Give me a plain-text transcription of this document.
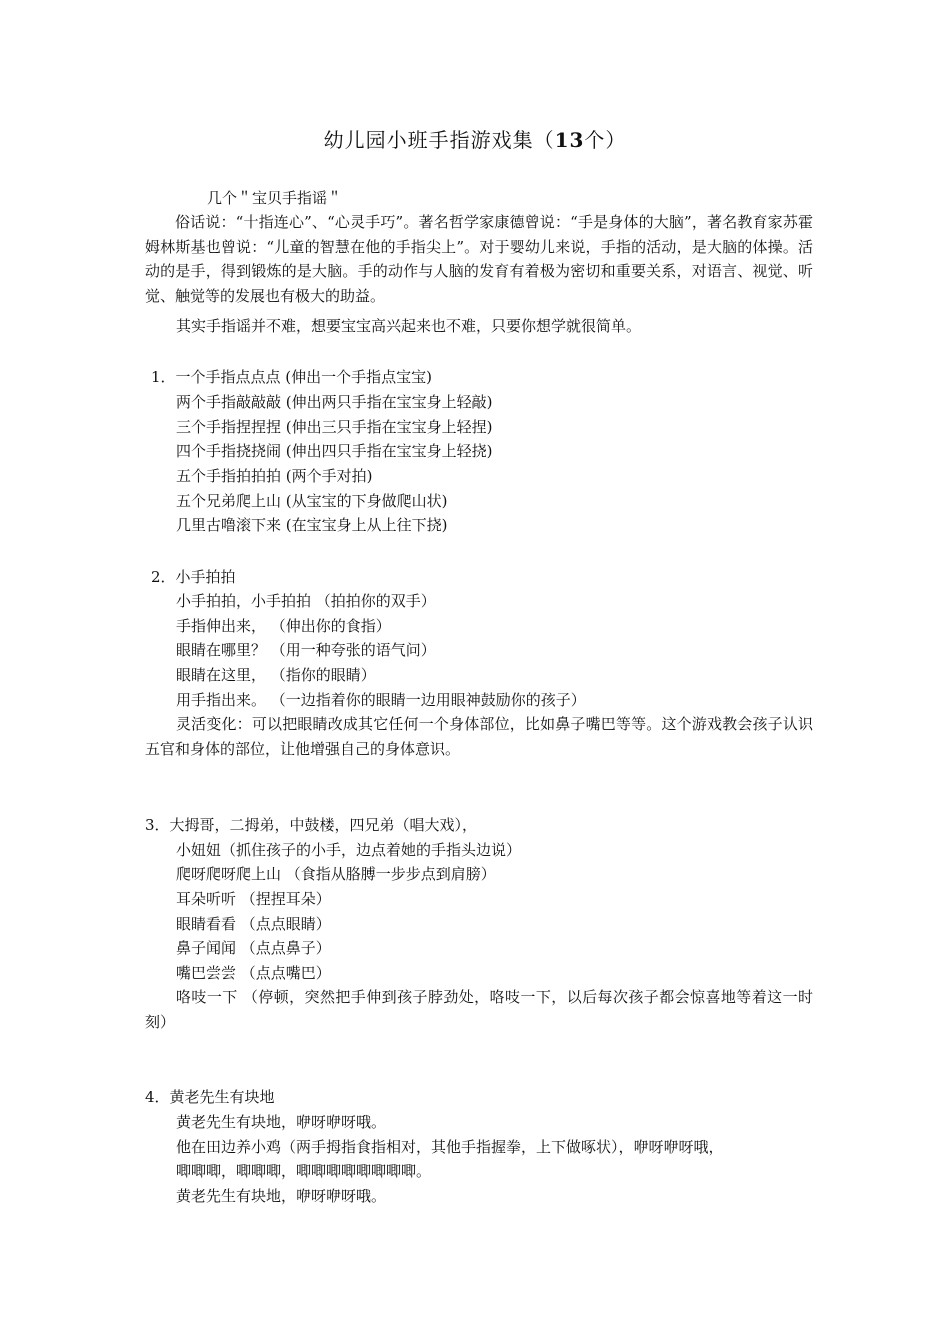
幼儿园小班手指游戏集（13个）
几个＂宝贝手指谣＂
俗话说：“十指连心”、“心灵手巧”。著名哲学家康德曾说：“手是身体的大脑”，著名教育家苏霍姆林斯基也曾说：“儿童的智慧在他的手指尖上”。对于婴幼儿来说，手指的活动，是大脑的体操。活动的是手，得到锻炼的是大脑。手的动作与人脑的发育有着极为密切和重要关系，对语言、视觉、听觉、触觉等的发展也有极大的助益。
其实手指谣并不难，想要宝宝高兴起来也不难，只要你想学就很简单。
1．一个手指点点点 (伸出一个手指点宝宝)
两个手指敲敲敲 (伸出两只手指在宝宝身上轻敲)
三个手指捏捏捏 (伸出三只手指在宝宝身上轻捏)
四个手指挠挠闹 (伸出四只手指在宝宝身上轻挠)
五个手指拍拍拍 (两个手对拍)
五个兄弟爬上山 (从宝宝的下身做爬山状)
几里古噜滚下来 (在宝宝身上从上往下挠)
2．小手拍拍
小手拍拍，小手拍拍 （拍拍你的双手）
手指伸出来， （伸出你的食指）
眼睛在哪里？ （用一种夸张的语气问）
眼睛在这里， （指你的眼睛）
用手指出来。 （一边指着你的眼睛一边用眼神鼓励你的孩子）
灵活变化：可以把眼睛改成其它任何一个身体部位，比如鼻子嘴巴等等。这个游戏教会孩子认识五官和身体的部位，让他增强自己的身体意识。
3．大拇哥，二拇弟，中鼓楼，四兄弟（唱大戏），
小妞妞（抓住孩子的小手，边点着她的手指头边说）
爬呀爬呀爬上山 （食指从胳膊一步步点到肩膀）
耳朵听听 （捏捏耳朵）
眼睛看看 （点点眼睛）
鼻子闻闻 （点点鼻子）
嘴巴尝尝 （点点嘴巴）
咯吱一下 （停顿，突然把手伸到孩子脖劲处，咯吱一下，以后每次孩子都会惊喜地等着这一时刻）
4．黄老先生有块地
黄老先生有块地，咿呀咿呀哦。
他在田边养小鸡（两手拇指食指相对，其他手指握拳，上下做啄状），咿呀咿呀哦，
唧唧唧，唧唧唧，唧唧唧唧唧唧唧唧。
黄老先生有块地，咿呀咿呀哦。
